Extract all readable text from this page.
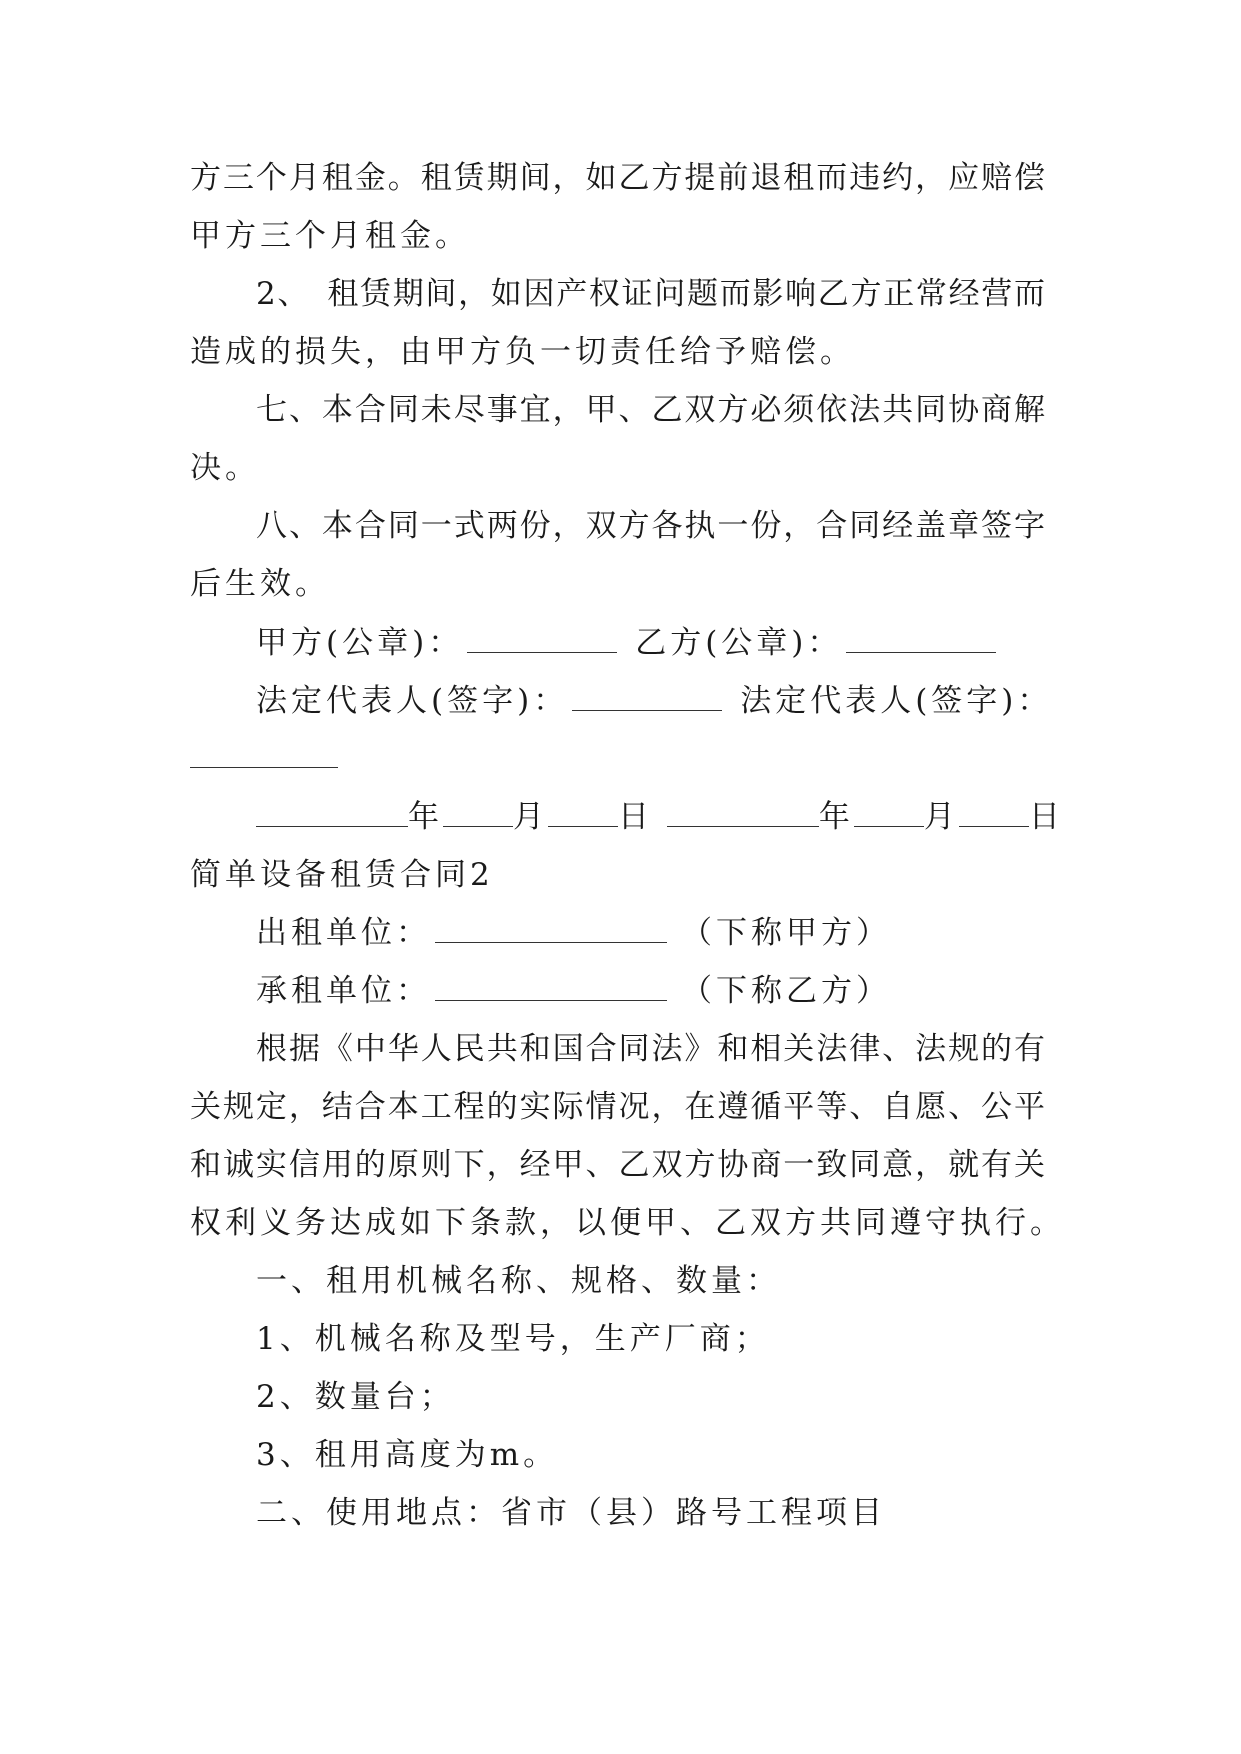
方三个月租金。租赁期间，如乙方提前退租而违约，应赔偿
甲方三个月租金。
2、　租赁期间，如因产权证问题而影响乙方正常经营而
造成的损失，由甲方负一切责任给予赔偿。
七、本合同未尽事宜，甲、乙双方必须依法共同协商解
决。
八、本合同一式两份，双方各执一份，合同经盖章签字
后生效。
甲方(公章)：	乙方(公章)：
法定代表人(签字)：	法定代表人(签字)：
年 月 日	年 月 日
简单设备租赁合同2
出租单位：	（下称甲方）
承租单位：	（下称乙方）
根据《中华人民共和国合同法》和相关法律、法规的有
关规定，结合本工程的实际情况，在遵循平等、自愿、公平
和诚实信用的原则下，经甲、乙双方协商一致同意，就有关
权利义务达成如下条款，以便甲、乙双方共同遵守执行。
一、租用机械名称、规格、数量：
1、机械名称及型号，生产厂商；
2、数量台；
3、租用高度为m。
二、使用地点：省市（县）路号工程项目
